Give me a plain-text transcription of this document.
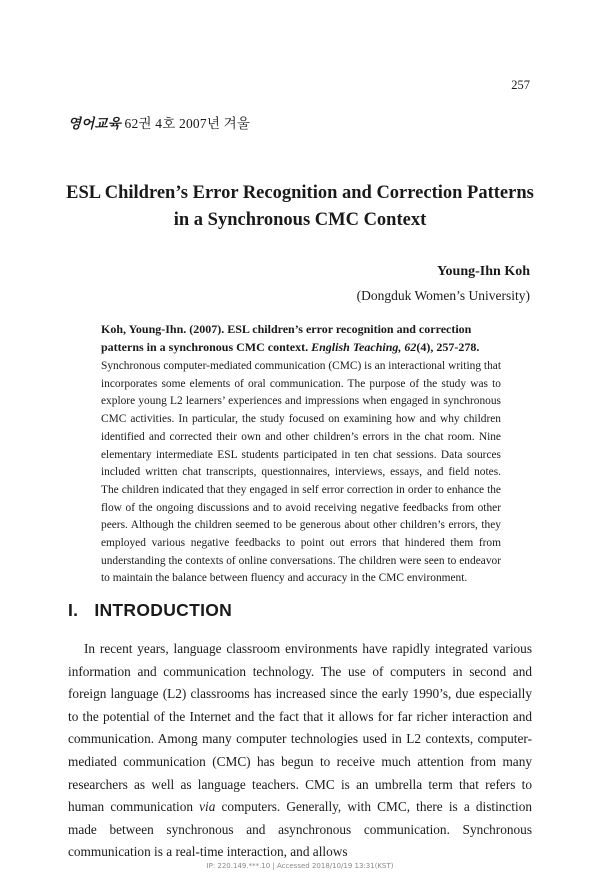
257
영어교육 62권 4호 2007년 겨울
ESL Children’s Error Recognition and Correction Patterns
in a Synchronous CMC Context
Young-Ihn Koh
(Dongduk Women’s University)
Koh, Young-Ihn. (2007). ESL children’s error recognition and correction patterns in a synchronous CMC context. English Teaching, 62(4), 257-278.
Synchronous computer-mediated communication (CMC) is an interactional writing that incorporates some elements of oral communication. The purpose of the study was to explore young L2 learners’ experiences and impressions when engaged in synchronous CMC activities. In particular, the study focused on examining how and why children identified and corrected their own and other children’s errors in the chat room. Nine elementary intermediate ESL students participated in ten chat sessions. Data sources included written chat transcripts, questionnaires, interviews, essays, and field notes. The children indicated that they engaged in self error correction in order to enhance the flow of the ongoing discussions and to avoid receiving negative feedbacks from other peers. Although the children seemed to be generous about other children’s errors, they employed various negative feedbacks to point out errors that hindered them from understanding the contexts of online conversations. The children were seen to endeavor to maintain the balance between fluency and accuracy in the CMC environment.
I. INTRODUCTION
In recent years, language classroom environments have rapidly integrated various information and communication technology. The use of computers in second and foreign language (L2) classrooms has increased since the early 1990’s, due especially to the potential of the Internet and the fact that it allows for far richer interaction and communication. Among many computer technologies used in L2 contexts, computer-mediated communication (CMC) has begun to receive much attention from many researchers as well as language teachers. CMC is an umbrella term that refers to human communication via computers. Generally, with CMC, there is a distinction made between synchronous and asynchronous communication. Synchronous communication is a real-time interaction, and allows
IP: 220.149.***.10 | Accessed 2018/10/19 13:31(KST)
